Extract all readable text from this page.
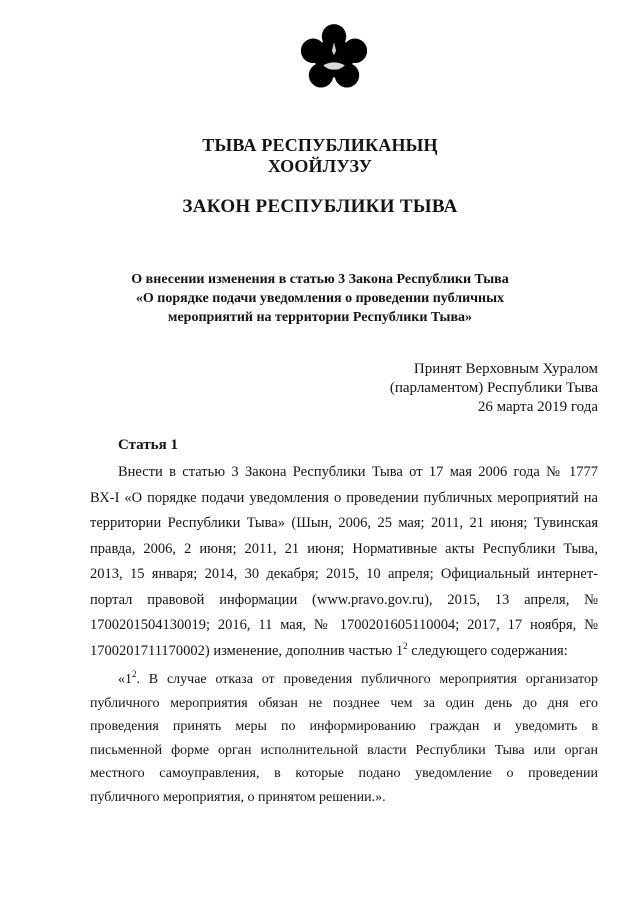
ТЫВА РЕСПУБЛИКАНЫҢ
ХООЙЛУЗУ
ЗАКОН РЕСПУБЛИКИ ТЫВА
О внесении изменения в статью 3 Закона Республики Тыва
«О порядке подачи уведомления о проведении публичных
мероприятий на территории Республики Тыва»
Принят Верховным Хуралом
(парламентом) Республики Тыва
26 марта 2019 года
Статья 1
Внести в статью 3 Закона Республики Тыва от 17 мая 2006 года № 1777
ВХ-I «О порядке подачи уведомления о проведении публичных мероприятий на
территории Республики Тыва» (Шын, 2006, 25 мая; 2011, 21 июня; Тувинская
правда, 2006, 2 июня; 2011, 21 июня; Нормативные акты Республики Тыва,
2013, 15 января; 2014, 30 декабря; 2015, 10 апреля; Официальный интернет-
портал правовой информации (www.pravo.gov.ru), 2015, 13 апреля, №
1700201504130019; 2016, 11 мая, № 1700201605110004; 2017, 17 ноября, №
1700201711170002) изменение, дополнив частью $1^2$ следующего содержания:
«$1^2$. В случае отказа от проведения публичного мероприятия организатор
публичного мероприятия обязан не позднее чем за один день до дня его
проведения принять меры по информированию граждан и уведомить в
письменной форме орган исполнительной власти Республики Тыва или орган
местного самоуправления, в которые подано уведомление о проведении
публичного мероприятия, о принятом решении.».
